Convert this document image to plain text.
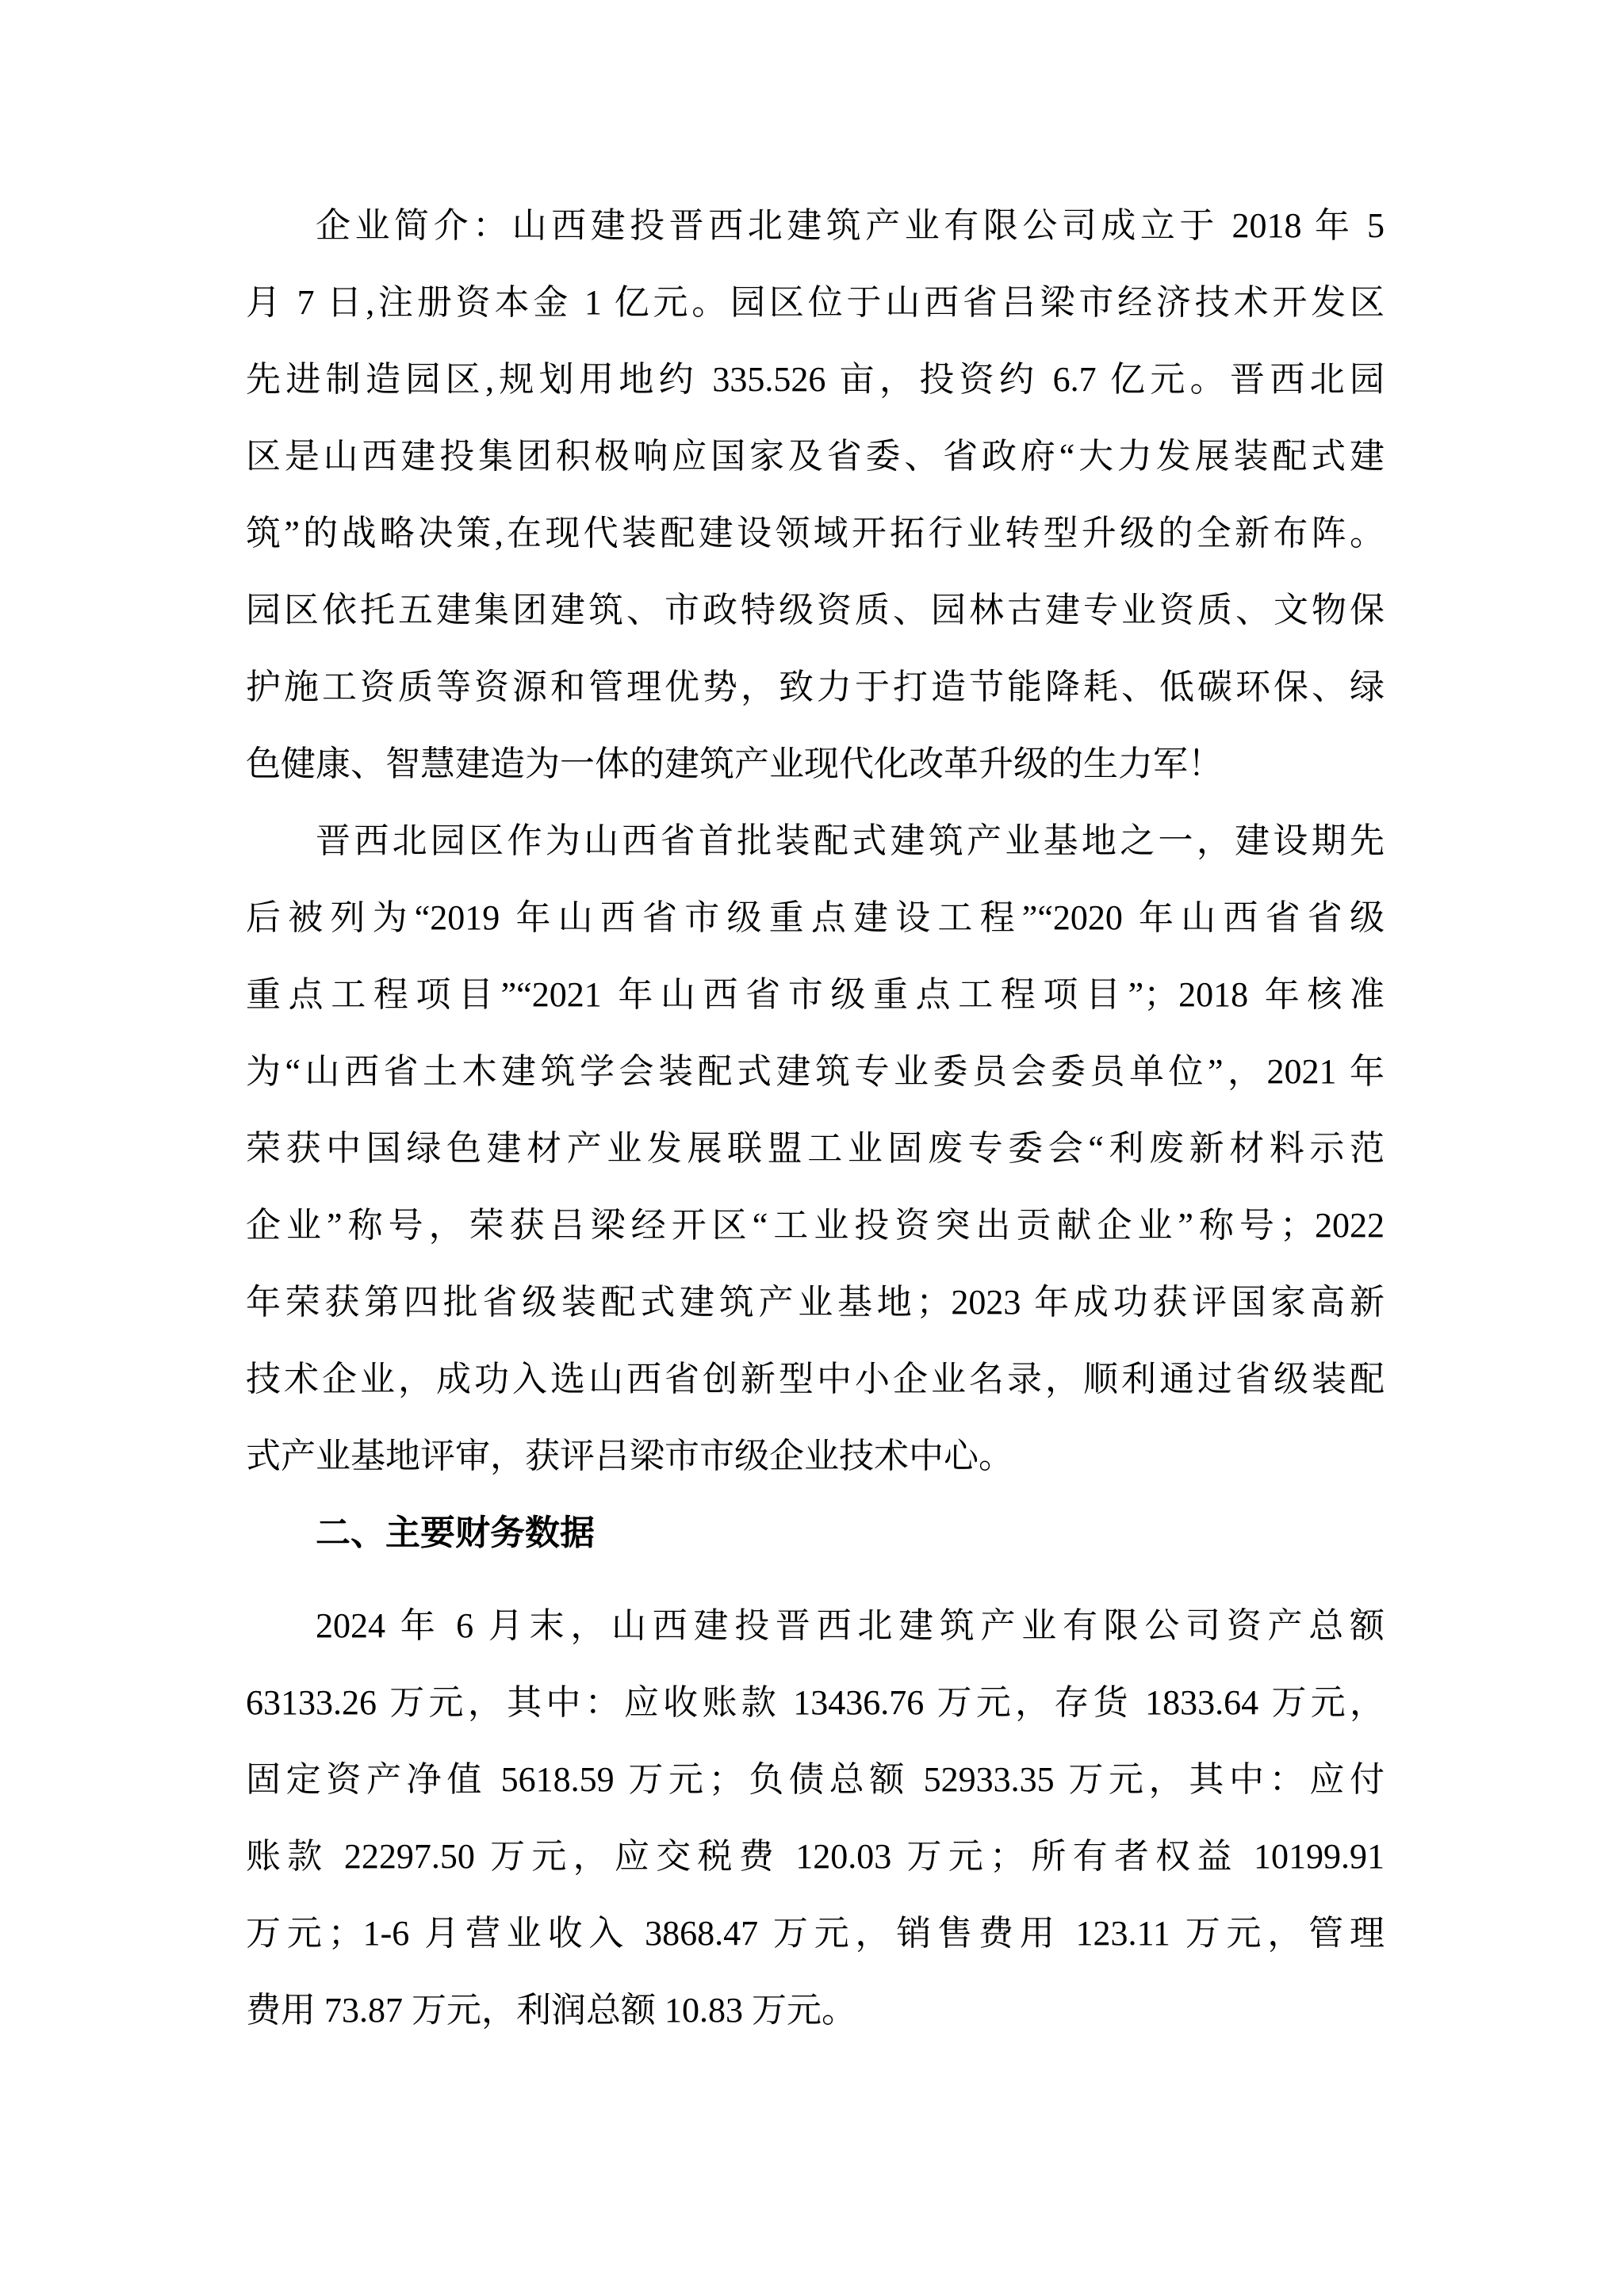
企业简介：山西建投晋西北建筑产业有限公司成立于 2018 年 5
月 7 日,注册资本金 1 亿元。园区位于山西省吕梁市经济技术开发区
先进制造园区,规划用地约 335.526 亩，投资约 6.7 亿元。晋西北园
区是山西建投集团积极响应国家及省委、省政府“大力发展装配式建
筑”的战略决策,在现代装配建设领域开拓行业转型升级的全新布阵。
园区依托五建集团建筑、市政特级资质、园林古建专业资质、文物保
护施工资质等资源和管理优势，致力于打造节能降耗、低碳环保、绿
色健康、智慧建造为一体的建筑产业现代化改革升级的生力军！
晋西北园区作为山西省首批装配式建筑产业基地之一，建设期先
后被列为“2019 年山西省市级重点建设工程”“2020 年山西省省级
重点工程项目”“2021 年山西省市级重点工程项目”；2018 年核准
为“山西省土木建筑学会装配式建筑专业委员会委员单位”，2021 年
荣获中国绿色建材产业发展联盟工业固废专委会“利废新材料示范
企业”称号，荣获吕梁经开区“工业投资突出贡献企业”称号；2022
年荣获第四批省级装配式建筑产业基地；2023 年成功获评国家高新
技术企业，成功入选山西省创新型中小企业名录，顺利通过省级装配
式产业基地评审，获评吕梁市市级企业技术中心。
二、主要财务数据
2024 年 6 月末，山西建投晋西北建筑产业有限公司资产总额
63133.26 万元，其中：应收账款 13436.76 万元，存货 1833.64 万元，
固定资产净值 5618.59 万元；负债总额 52933.35 万元，其中：应付
账款 22297.50 万元，应交税费 120.03 万元；所有者权益 10199.91
万元；1-6 月营业收入 3868.47 万元，销售费用 123.11 万元，管理
费用 73.87 万元，利润总额 10.83 万元。
